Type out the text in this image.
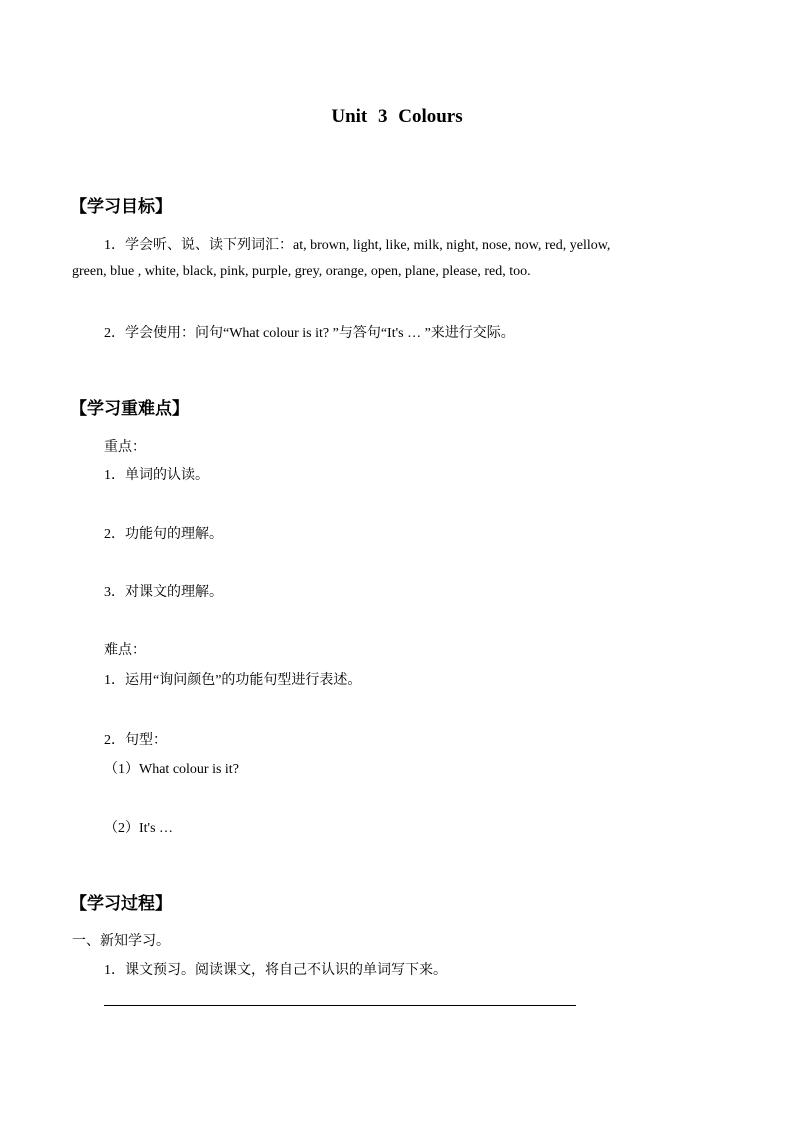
Unit 3 Colours
【学习目标】
1．学会听、说、读下列词汇：at, brown, light, like, milk, night, nose, now, red, yellow,
green, blue , white, black, pink, purple, grey, orange, open, plane, please, red, too.
2．学会使用：问句“What colour is it? ”与答句“It's … ”来进行交际。
【学习重难点】
重点：
1．单词的认读。
2．功能句的理解。
3．对课文的理解。
难点：
1．运用“询问颜色”的功能句型进行表述。
2．句型：
（1）What colour is it?
（2）It's …
【学习过程】
一、新知学习。
1．课文预习。阅读课文，将自己不认识的单词写下来。
